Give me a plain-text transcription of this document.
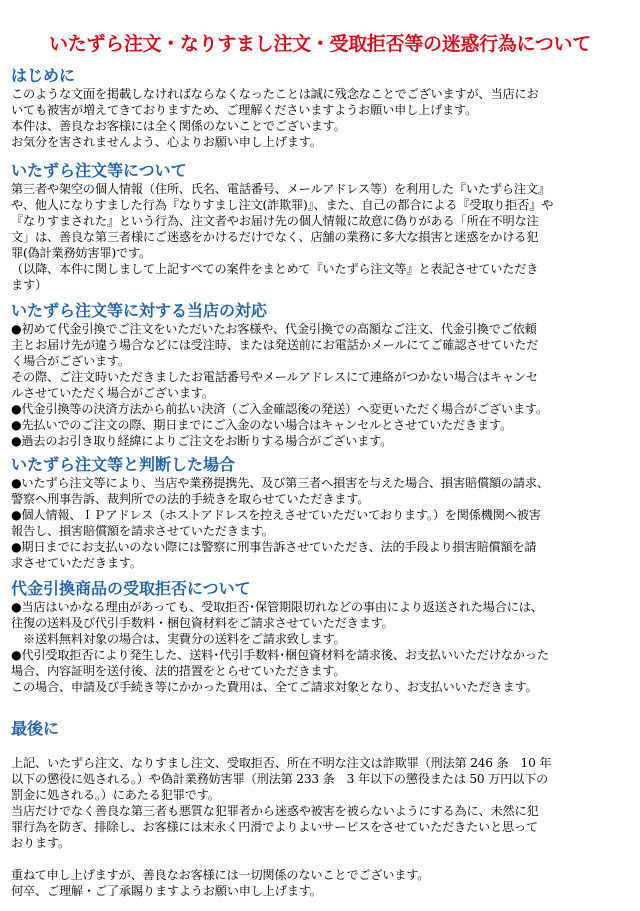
いたずら注文・なりすまし注文・受取拒否等の迷惑行為について
はじめに
このような文面を掲載しなければならなくなったことは誠に残念なことでございますが、当店にお
いても被害が増えてきておりますため、ご理解くださいますようお願い申し上げます。
本件は、善良なお客様には全く関係のないことでございます。
お気分を害されませんよう、心よりお願い申し上げます。
いたずら注文等について
第三者や架空の個人情報（住所、氏名、電話番号、メールアドレス等）を利用した『いたずら注文』
や、他人になりすました行為『なりすまし注文(詐欺罪)』、また、自己の都合による『受取り拒否』や
『なりすまされた』という行為、注文者やお届け先の個人情報に故意に偽りがある「所在不明な注
文」は、善良な第三者様にご迷惑をかけるだけでなく、店舗の業務に多大な損害と迷惑をかける犯
罪(偽計業務妨害罪)です。
（以降、本件に関しまして上記すべての案件をまとめて『いたずら注文等』と表記させていただき
ます）
いたずら注文等に対する当店の対応
●初めて代金引換でご注文をいただいたお客様や、代金引換での高額なご注文、代金引換でご依頼
主とお届け先が違う場合などには受注時、または発送前にお電話かメールにてご確認させていただ
く場合がございます。
その際、ご注文時いただきましたお電話番号やメールアドレスにて連絡がつかない場合はキャンセ
ルさせていただく場合がございます。
●代金引換等の決済方法から前払い決済（ご入金確認後の発送）へ変更いただく場合がございます。
●先払いでのご注文の際、期日までにご入金のない場合はキャンセルとさせていただきます。
●過去のお引き取り経緯によりご注文をお断りする場合がございます。
いたずら注文等と判断した場合
●いたずら注文等により、当店や業務提携先、及び第三者へ損害を与えた場合、損害賠償額の請求、
警察へ刑事告訴、裁判所での法的手続きを取らせていただきます。
●個人情報、ＩＰアドレス（ホストアドレスを控えさせていただいております。）を関係機関へ被害
報告し、損害賠償額を請求させていただきます。
●期日までにお支払いのない際には警察に刑事告訴させていただき、法的手段より損害賠償額を請
求させていただきます。
代金引換商品の受取拒否について
●当店はいかなる理由があっても、受取拒否･保管期限切れなどの事由により返送された場合には、
往復の送料及び代引手数料・梱包資材料をご請求させていただきます。
　※送料無料対象の場合は、実費分の送料をご請求致します。
●代引受取拒否により発生した、送料･代引手数料･梱包資材料を請求後、お支払いいただけなかった
場合、内容証明を送付後、法的措置をとらせていただきます。
この場合、申請及び手続き等にかかった費用は、全てご請求対象となり、お支払いいただきます。
最後に
上記、いたずら注文、なりすまし注文、受取拒否、所在不明な注文は詐欺罪（刑法第 246 条　10 年
以下の懲役に処される。）や偽計業務妨害罪（刑法第 233 条　3 年以下の懲役または 50 万円以下の
罰金に処される。）にあたる犯罪です。
当店だけでなく善良な第三者も悪質な犯罪者から迷惑や被害を被らないようにする為に、未然に犯
罪行為を防ぎ、排除し、お客様には末永く円滑でよりよいサービスをさせていただきたいと思って
おります。
重ねて申し上げますが、善良なお客様には一切関係のないことでございます。
何卒、ご理解・ご了承賜りますようお願い申し上げます。
